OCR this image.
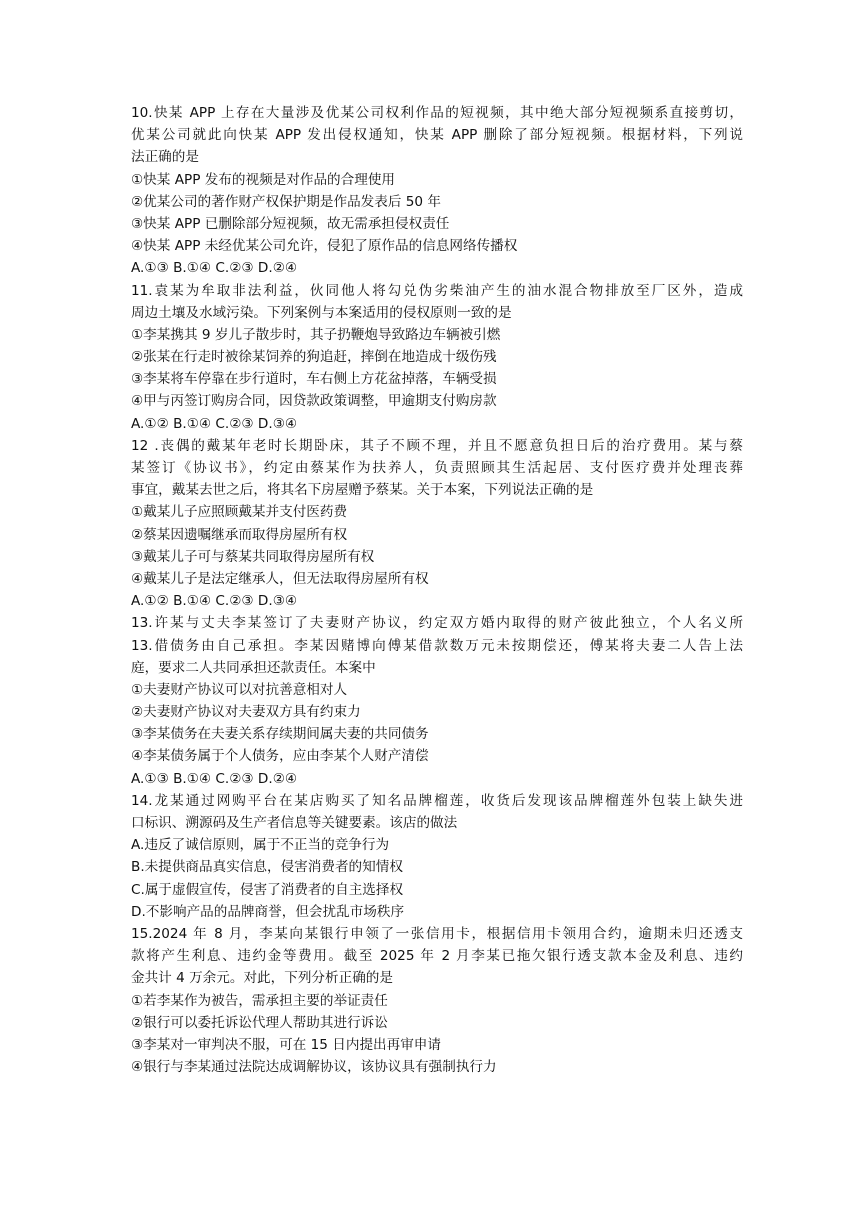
10.快某 APP 上存在大量涉及优某公司权利作品的短视频，其中绝大部分短视频系直接剪切，
优某公司就此向快某 APP 发出侵权通知，快某 APP 删除了部分短视频。根据材料，下列说
法正确的是
①快某 APP 发布的视频是对作品的合理使用
②优某公司的著作财产权保护期是作品发表后 50 年
③快某 APP 已删除部分短视频，故无需承担侵权责任
④快某 APP 未经优某公司允许，侵犯了原作品的信息网络传播权
A.①③ B.①④ C.②③ D.②④
11.袁某为牟取非法利益，伙同他人将勾兑伪劣柴油产生的油水混合物排放至厂区外，造成
周边土壤及水域污染。下列案例与本案适用的侵权原则一致的是
①李某携其 9 岁儿子散步时，其子扔鞭炮导致路边车辆被引燃
②张某在行走时被徐某饲养的狗追赶，摔倒在地造成十级伤残
③李某将车停靠在步行道时，车右侧上方花盆掉落，车辆受损
④甲与丙签订购房合同，因贷款政策调整，甲逾期支付购房款
A.①② B.①④ C.②③ D.③④
12 .丧偶的戴某年老时长期卧床，其子不顾不理，并且不愿意负担日后的治疗费用。某与蔡
某签订《协议书》，约定由蔡某作为扶养人，负责照顾其生活起居、支付医疗费并处理丧葬
事宜，戴某去世之后，将其名下房屋赠予蔡某。关于本案，下列说法正确的是
①戴某儿子应照顾戴某并支付医药费
②蔡某因遗嘱继承而取得房屋所有权
③戴某儿子可与蔡某共同取得房屋所有权
④戴某儿子是法定继承人，但无法取得房屋所有权
A.①② B.①④ C.②③ D.③④
13.许某与丈夫李某签订了夫妻财产协议，约定双方婚内取得的财产彼此独立，个人名义所
13.借债务由自己承担。李某因赌博向傅某借款数万元未按期偿还，傅某将夫妻二人告上法
庭，要求二人共同承担还款责任。本案中
①夫妻财产协议可以对抗善意相对人
②夫妻财产协议对夫妻双方具有约束力
③李某债务在夫妻关系存续期间属夫妻的共同债务
④李某债务属于个人债务，应由李某个人财产清偿
A.①③ B.①④ C.②③ D.②④
14.龙某通过网购平台在某店购买了知名品牌榴莲，收货后发现该品牌榴莲外包装上缺失进
口标识、溯源码及生产者信息等关键要素。该店的做法
A.违反了诚信原则，属于不正当的竞争行为
B.未提供商品真实信息，侵害消费者的知情权
C.属于虚假宣传，侵害了消费者的自主选择权
D.不影响产品的品牌商誉，但会扰乱市场秩序
15.2024 年 8 月，李某向某银行申领了一张信用卡，根据信用卡领用合约，逾期未归还透支
款将产生利息、违约金等费用。截至 2025 年 2 月李某已拖欠银行透支款本金及利息、违约
金共计 4 万余元。对此，下列分析正确的是
①若李某作为被告，需承担主要的举证责任
②银行可以委托诉讼代理人帮助其进行诉讼
③李某对一审判决不服，可在 15 日内提出再审申请
④银行与李某通过法院达成调解协议，该协议具有强制执行力
